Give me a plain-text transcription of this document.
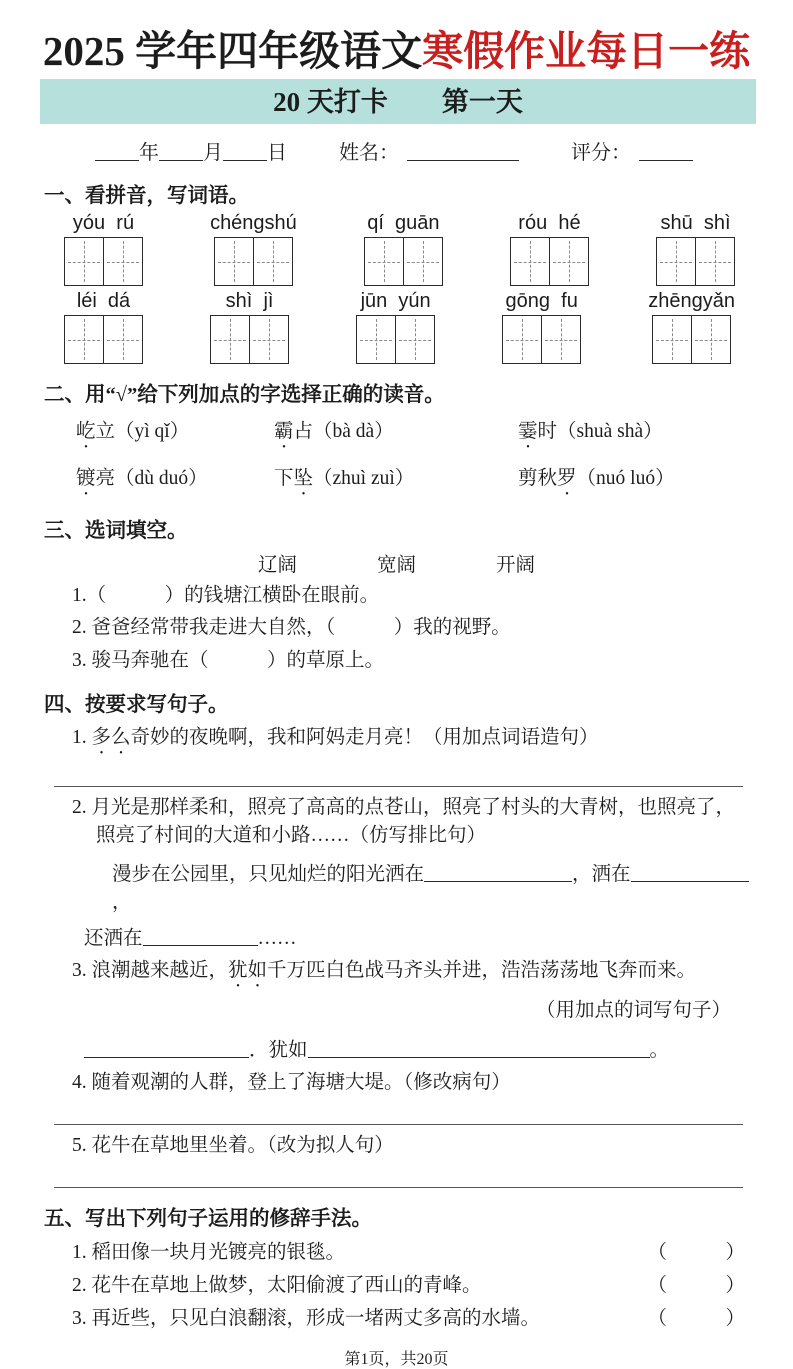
2025 学年四年级语文寒假作业每日一练
20 天打卡　　第一天
年 月 日	姓名：	评分：
一、看拼音，写词语。
yóu  rú	chéngshú	qí  guān	róu  hé	shū  shì
léi  dá	shì  jì	jūn  yún	gōng  fu	zhēngyǎn
二、用“√”给下列加点的字选择正确的读音。
屹立（yì qǐ）	霸占（bà dà）	霎时（shuà shà）
镀亮（dù duó）	下坠（zhuì zuì）	剪秋罗（nuó luó）
三、选词填空。
辽阔	宽阔	开阔
1.（　　　）的钱塘江横卧在眼前。
2. 爸爸经常带我走进大自然，（　　　）我的视野。
3. 骏马奔驰在（　　　）的草原上。
四、按要求写句子。
1. 多么奇妙的夜晚啊，我和阿妈走月亮！（用加点词语造句）
2. 月光是那样柔和，照亮了高高的点苍山，照亮了村头的大青树，也照亮了，照亮了村间的大道和小路……（仿写排比句）
漫步在公园里，只见灿烂的阳光洒在	，洒在，
还洒在	……
3. 浪潮越来越近，犹如千万匹白色战马齐头并进，浩浩荡荡地飞奔而来。
（用加点的词写句子）
．犹如	。
4. 随着观潮的人群，登上了海塘大堤。（修改病句）
5. 花牛在草地里坐着。（改为拟人句）
五、写出下列句子运用的修辞手法。
1. 稻田像一块月光镀亮的银毯。	（　　　）
2. 花牛在草地上做梦，太阳偷渡了西山的青峰。	（　　　）
3. 再近些，只见白浪翻滚，形成一堵两丈多高的水墙。	（　　　）
第1页，共20页
